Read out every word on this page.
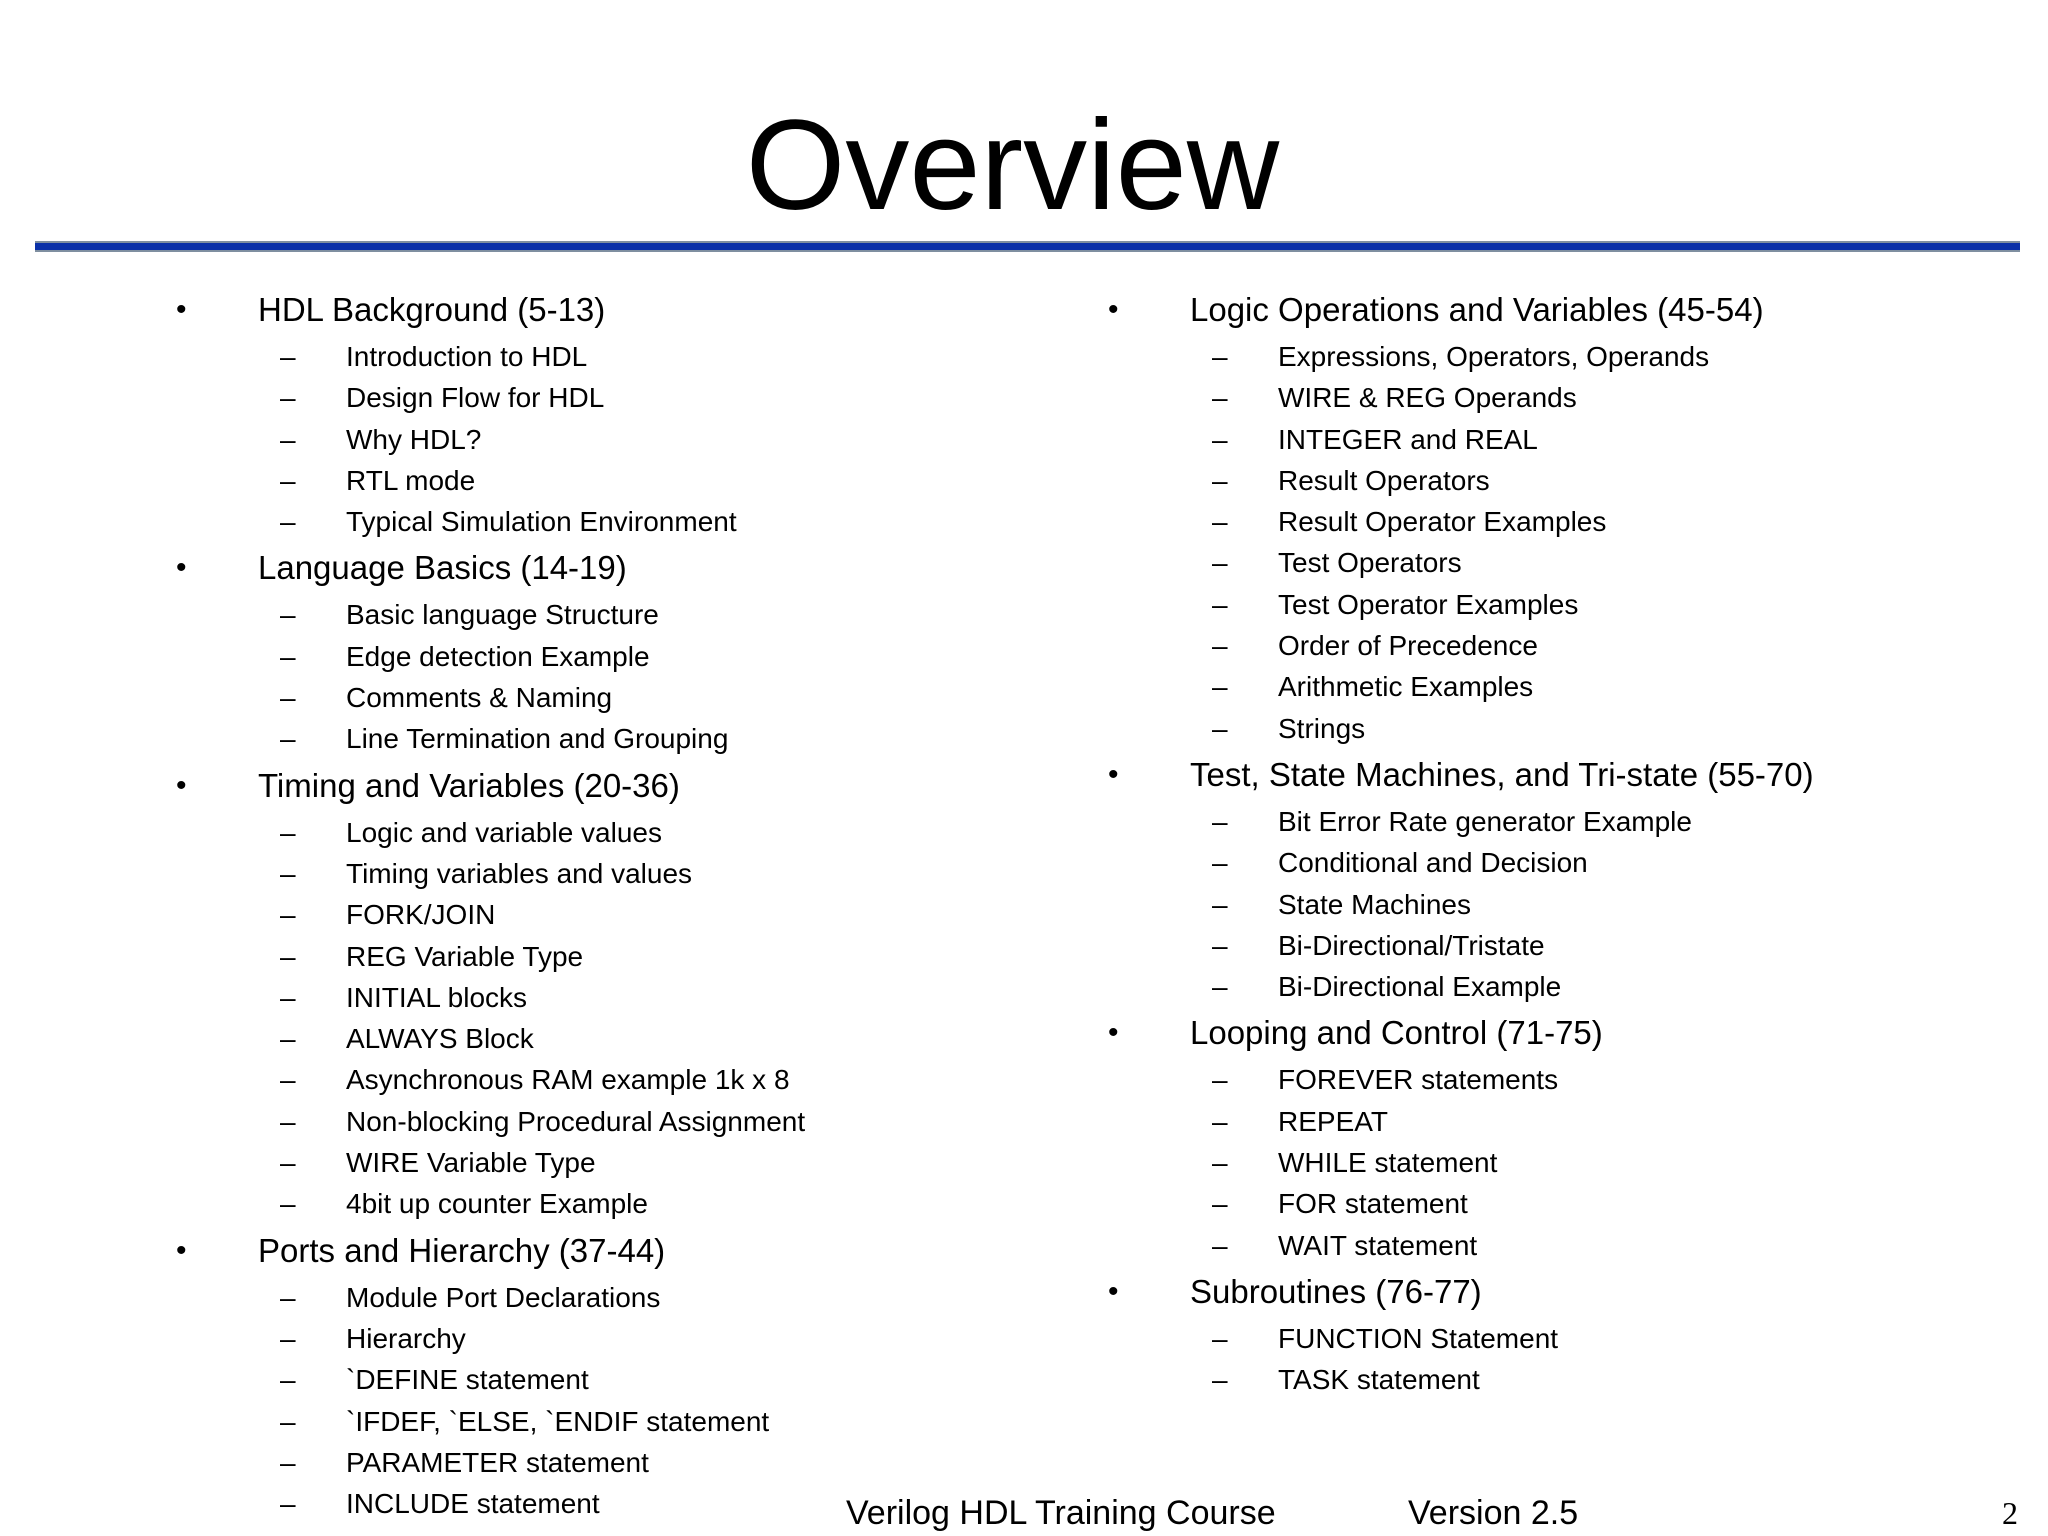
Overview
•	HDL Background (5-13)
– Introduction to HDL
– Design Flow for HDL
– Why HDL?
– RTL mode
– Typical Simulation Environment
•	Language Basics (14-19)
– Basic language Structure
– Edge detection Example
– Comments & Naming
– Line Termination and Grouping
•	Timing and Variables (20-36)
– Logic and variable values
– Timing variables and values
– FORK/JOIN
– REG Variable Type
– INITIAL blocks
– ALWAYS Block
– Asynchronous RAM example 1k x 8
– Non-blocking Procedural Assignment
– WIRE Variable Type
– 4bit up counter Example
•	Ports and Hierarchy (37-44)
– Module Port Declarations
– Hierarchy
– `DEFINE statement
– `IFDEF, `ELSE, `ENDIF statement
– PARAMETER statement
– INCLUDE statement
•	Logic Operations and Variables (45-54)
– Expressions, Operators, Operands
– WIRE & REG Operands
– INTEGER and REAL
– Result Operators
– Result Operator Examples
– Test Operators
– Test Operator Examples
– Order of Precedence
– Arithmetic Examples
– Strings
•	Test, State Machines, and Tri-state (55-70)
– Bit Error Rate generator Example
– Conditional and Decision
– State Machines
– Bi-Directional/Tristate
– Bi-Directional Example
•	Looping and Control (71-75)
– FOREVER statements
– REPEAT
– WHILE statement
– FOR statement
– WAIT statement
•	Subroutines (76-77)
– FUNCTION Statement
– TASK statement
Verilog HDL Training Course	Version 2.5	2
